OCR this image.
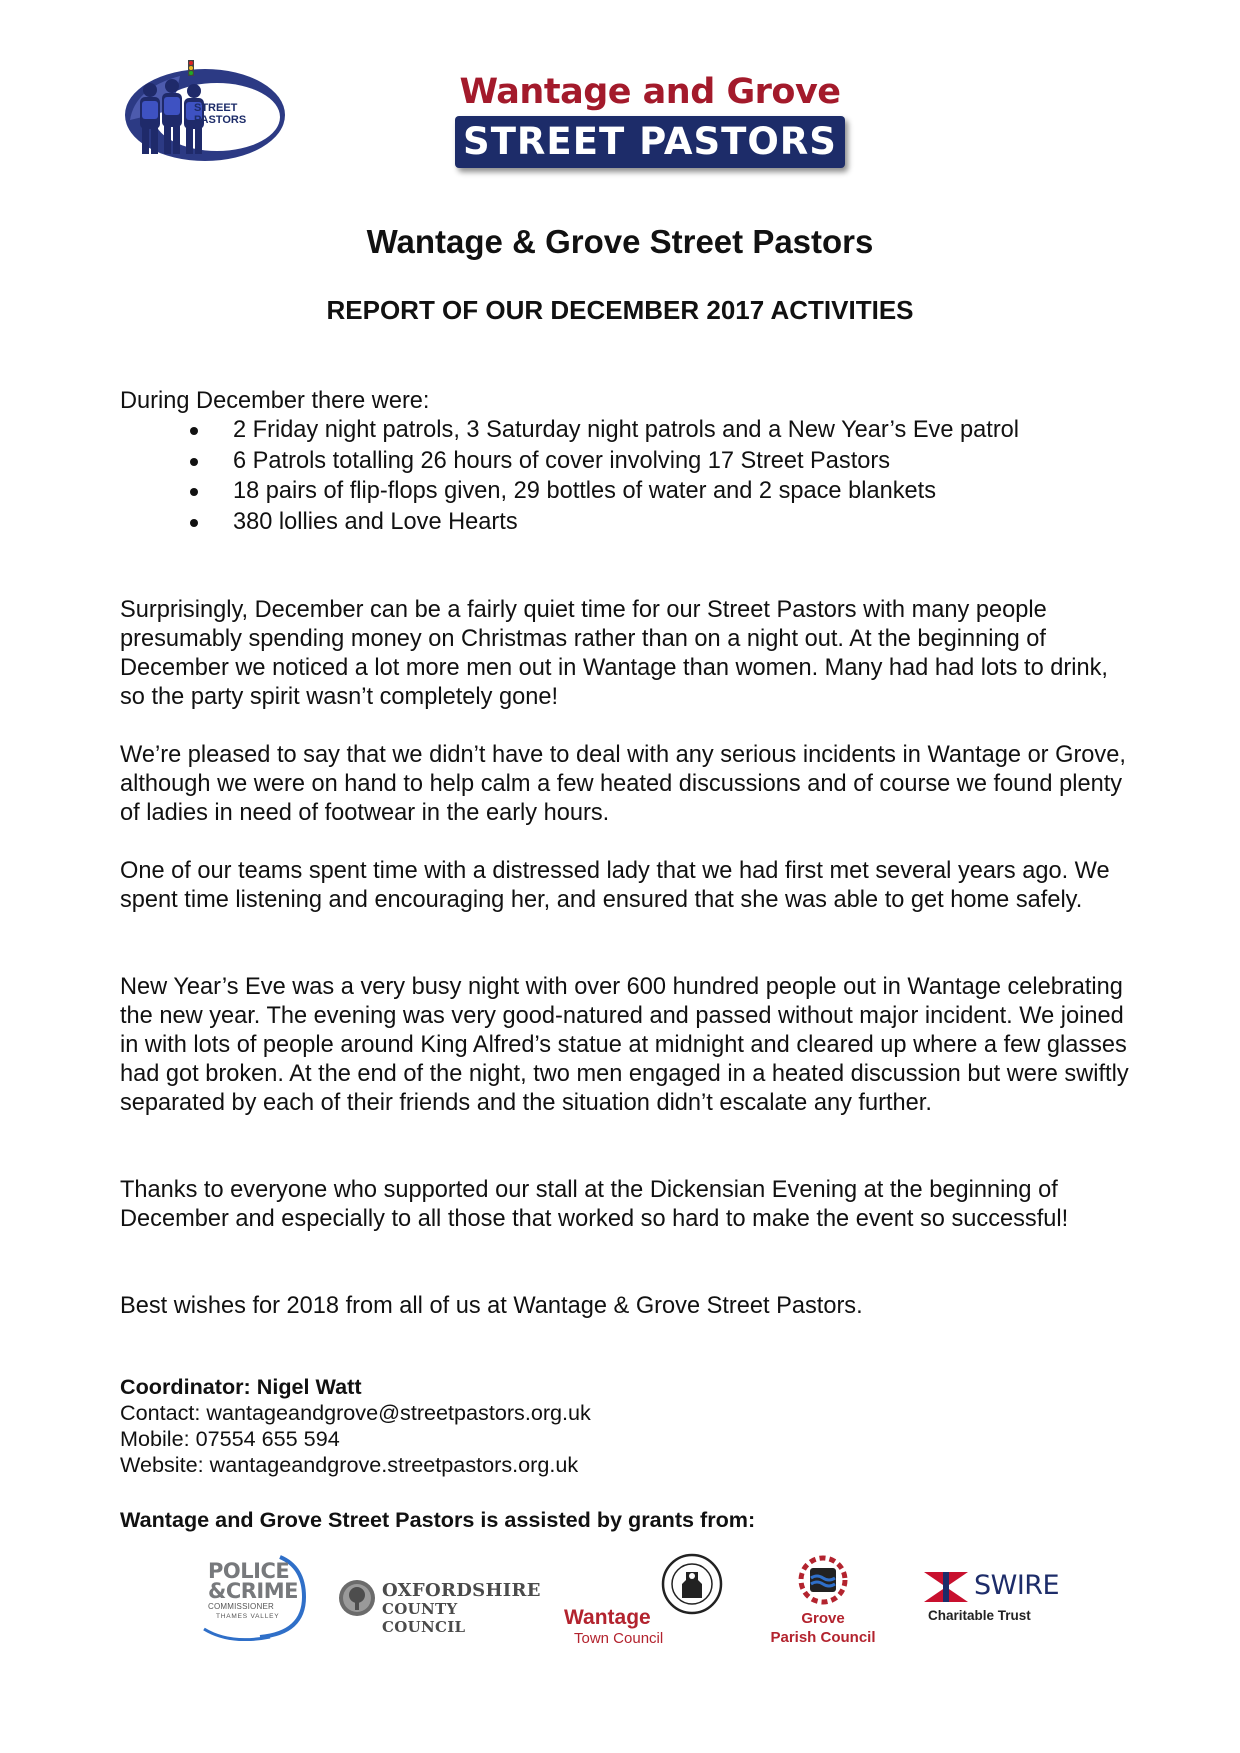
STREET PASTORS
Wantage and Grove
STREET PASTORS
Wantage & Grove Street Pastors
REPORT OF OUR DECEMBER 2017 ACTIVITIES
During December there were:
2 Friday night patrols, 3 Saturday night patrols and a New Year’s Eve patrol
6 Patrols totalling 26 hours of cover involving 17 Street Pastors
18 pairs of flip-flops given, 29 bottles of water and 2 space blankets
380 lollies and Love Hearts
Surprisingly, December can be a fairly quiet time for our Street Pastors with many people presumably spending money on Christmas rather than on a night out. At the beginning of December we noticed a lot more men out in Wantage than women. Many had had lots to drink, so the party spirit wasn’t completely gone!
We’re pleased to say that we didn’t have to deal with any serious incidents in Wantage or Grove, although we were on hand to help calm a few heated discussions and of course we found plenty of ladies in need of footwear in the early hours.
One of our teams spent time with a distressed lady that we had first met several years ago. We spent time listening and encouraging her, and ensured that she was able to get home safely.
New Year’s Eve was a very busy night with over 600 hundred people out in Wantage celebrating the new year. The evening was very good-natured and passed without major incident. We joined in with lots of people around King Alfred’s statue at midnight and cleared up where a few glasses had got broken. At the end of the night, two men engaged in a heated discussion but were swiftly separated by each of their friends and the situation didn’t escalate any further.
Thanks to everyone who supported our stall at the Dickensian Evening at the beginning of December and especially to all those that worked so hard to make the event so successful!
Best wishes for 2018 from all of us at Wantage & Grove Street Pastors.
Coordinator: Nigel Watt
Contact: wantageandgrove@streetpastors.org.uk
Mobile: 07554 655 594
Website: wantageandgrove.streetpastors.org.uk
Wantage and Grove Street Pastors is assisted by grants from:
POLICE
&CRIME
COMMISSIONER
THAMES VALLEY
OXFORDSHIRE
COUNTY COUNCIL	Wantage
Town Council
Grove
Parish Council
SWIRE
Charitable Trust
